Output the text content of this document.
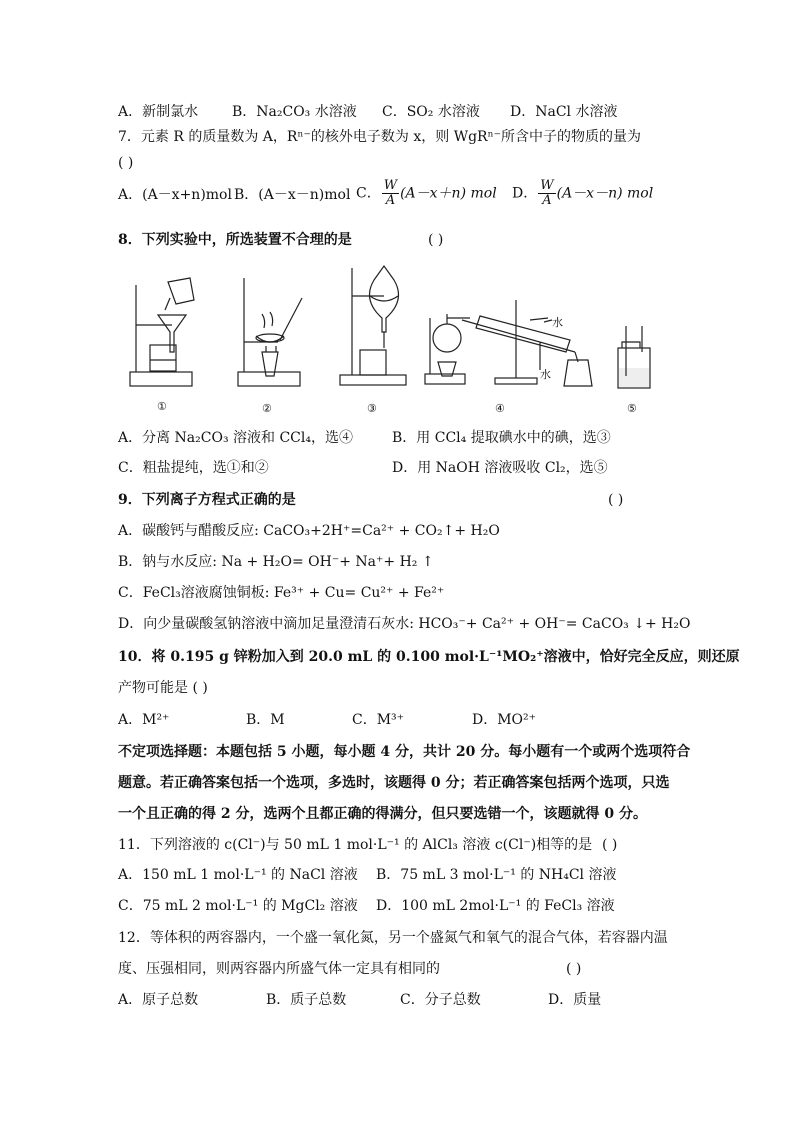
A．新制氯水 B．Na₂CO₃ 水溶液 C．SO₂ 水溶液 D．NaCl 水溶液
7．元素 R 的质量数为 A，Rⁿ⁻的核外电子数为 x，则 WgRⁿ⁻所含中子的物质的量为
( )
A．(A－x+n)mol B．(A－x－n)mol C． $\frac{W}{A} (A-x+n)$ mol D． $\frac{W}{A} (A-x-n)$ mol
8．下列实验中，所选装置不合理的是	( )
水
水
①	②	③	④	⑤
A．分离 Na₂CO₃ 溶液和 CCl₄，选④	B．用 CCl₄ 提取碘水中的碘，选③
C．粗盐提纯，选①和②	D．用 NaOH 溶液吸收 Cl₂，选⑤
9．下列离子方程式正确的是	( )
A．碳酸钙与醋酸反应: CaCO₃+2H⁺=Ca²⁺ + CO₂↑+ H₂O
B．钠与水反应: Na + H₂O= OH⁻+ Na⁺+ H₂ ↑
C．FeCl₃溶液腐蚀铜板: Fe³⁺ + Cu= Cu²⁺ + Fe²⁺
D．向少量碳酸氢钠溶液中滴加足量澄清石灰水: HCO₃⁻+ Ca²⁺ + OH⁻= CaCO₃ ↓+ H₂O
10．将 0.195 g 锌粉加入到 20.0 mL 的 0.100 mol·L⁻¹MO₂⁺溶液中，恰好完全反应，则还原
产物可能是 ( )
A．M²⁺	B．M	C．M³⁺	D．MO²⁺
不定项选择题：本题包括 5 小题，每小题 4 分，共计 20 分。每小题有一个或两个选项符合
题意。若正确答案包括一个选项，多选时，该题得 0 分；若正确答案包括两个选项，只选
一个且正确的得 2 分，选两个且都正确的得满分，但只要选错一个，该题就得 0 分。
11．下列溶液的 c(Cl⁻)与 50 mL 1 mol·L⁻¹ 的 AlCl₃ 溶液 c(Cl⁻)相等的是 ( )
A．150 mL 1 mol·L⁻¹ 的 NaCl 溶液 B．75 mL 3 mol·L⁻¹ 的 NH₄Cl 溶液
C．75 mL 2 mol·L⁻¹ 的 MgCl₂ 溶液 D．100 mL 2mol·L⁻¹ 的 FeCl₃ 溶液
12．等体积的两容器内，一个盛一氧化氮，另一个盛氮气和氧气的混合气体，若容器内温
度、压强相同，则两容器内所盛气体一定具有相同的	( )
A．原子总数	B．质子总数	C．分子总数	D．质量
